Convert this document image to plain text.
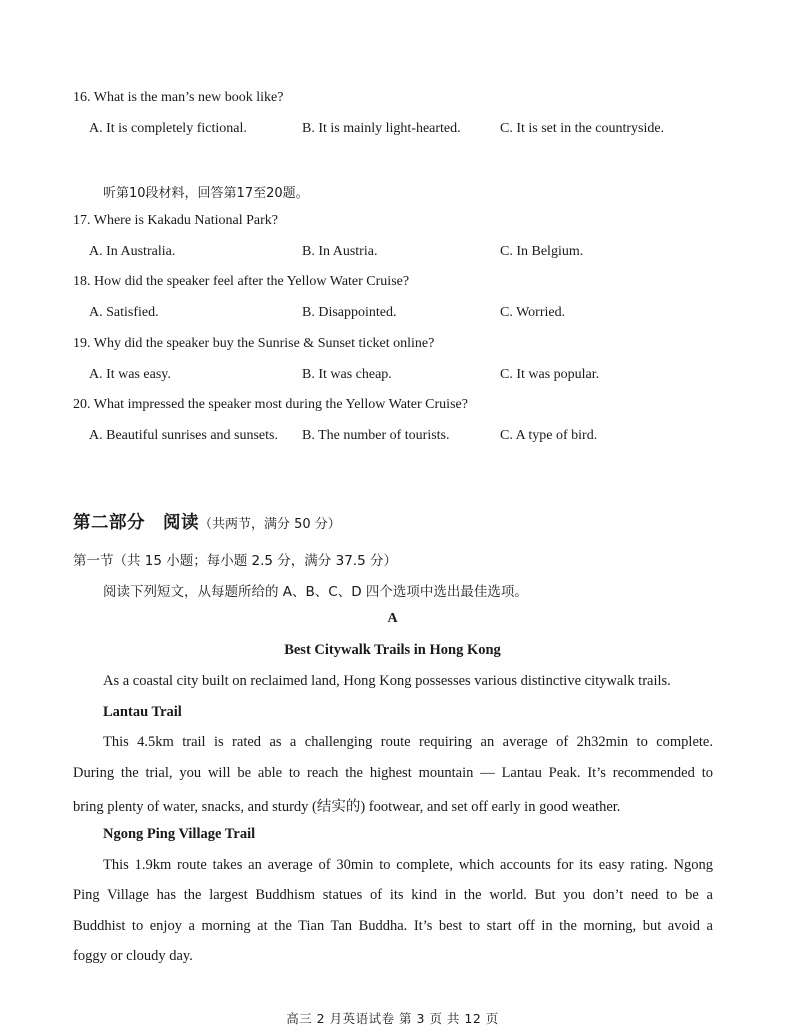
16. What is the man’s new book like?
A. It is completely fictional.	B. It is mainly light-hearted.	C. It is set in the countryside.
听第10段材料，回答第17至20题。
17. Where is Kakadu National Park?
A. In Australia.	B. In Austria.	C. In Belgium.
18. How did the speaker feel after the Yellow Water Cruise?
A. Satisfied.	B. Disappointed.	C. Worried.
19. Why did the speaker buy the Sunrise & Sunset ticket online?
A. It was easy.	B. It was cheap.	C. It was popular.
20. What impressed the speaker most during the Yellow Water Cruise?
A. Beautiful sunrises and sunsets. B. The number of tourists.	C. A type of bird.
第二部分　阅读（共两节，满分 50 分）
第一节（共 15 小题；每小题 2.5 分，满分 37.5 分）
阅读下列短文，从每题所给的 A、B、C、D 四个选项中选出最佳选项。
A
Best Citywalk Trails in Hong Kong
As a coastal city built on reclaimed land, Hong Kong possesses various distinctive citywalk trails.
Lantau Trail
This 4.5km trail is rated as a challenging route requiring an average of 2h32min to complete.
During the trial, you will be able to reach the highest mountain — Lantau Peak. It’s recommended to
bring plenty of water, snacks, and sturdy (结实的) footwear, and set off early in good weather.
Ngong Ping Village Trail
This 1.9km route takes an average of 30min to complete, which accounts for its easy rating. Ngong
Ping Village has the largest Buddhism statues of its kind in the world. But you don’t need to be a
Buddhist to enjoy a morning at the Tian Tan Buddha. It’s best to start off in the morning, but avoid a
foggy or cloudy day.
高三 2 月英语试卷 第 3 页 共 12 页
